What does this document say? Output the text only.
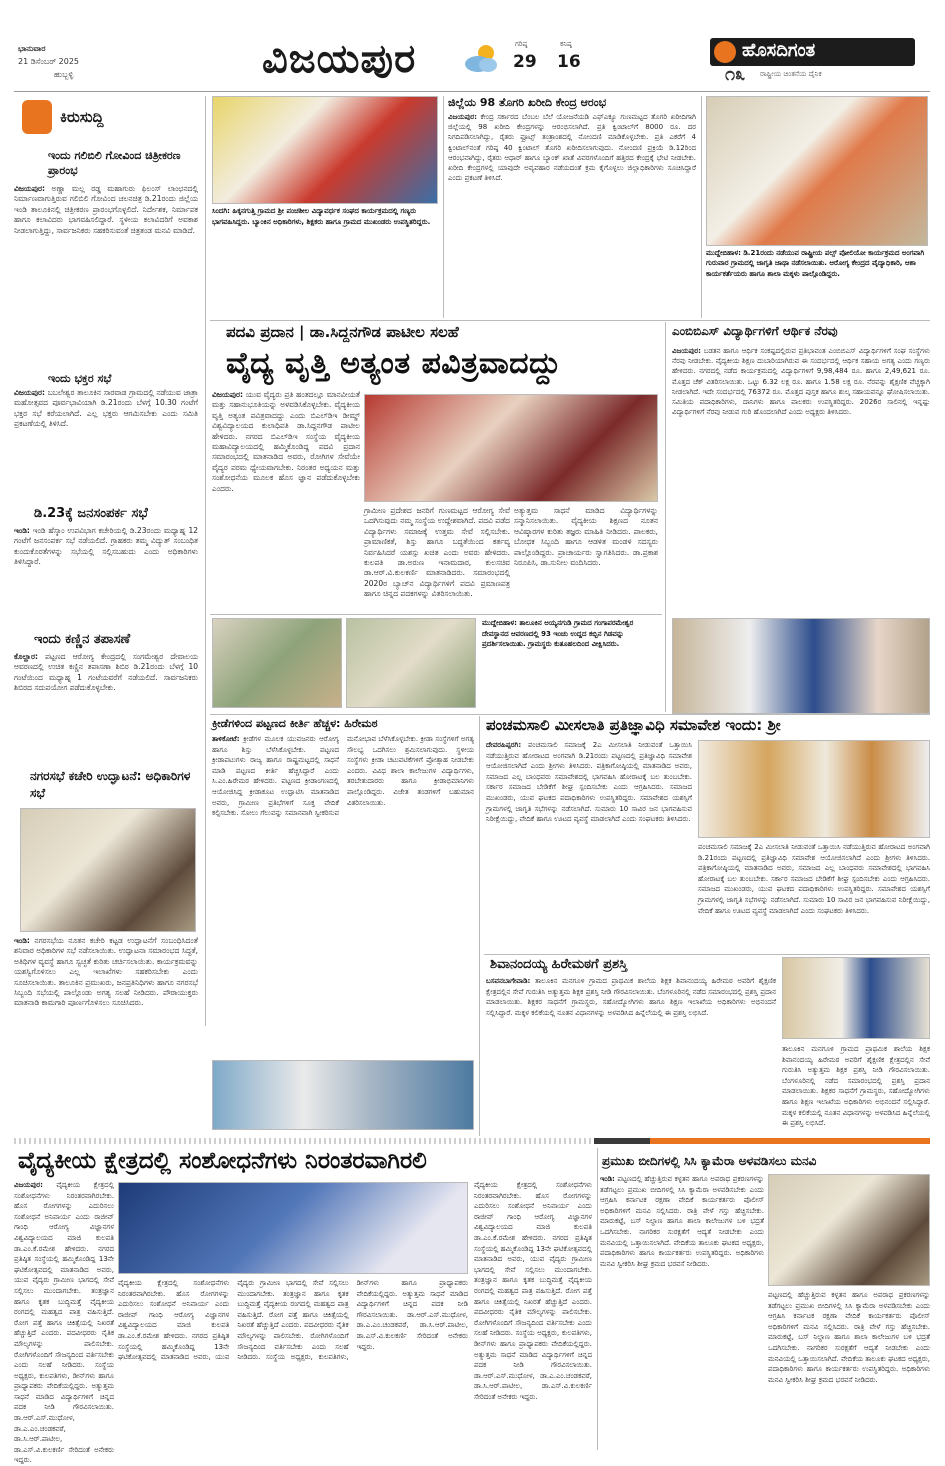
ಭಾನುವಾರ
21 ಡಿಸೆಂಬರ್ 2025
ಹುಬ್ಬಳ್ಳಿ	ವಿಜಯಪುರ	ಗರಿಷ್ಠ
29
ಕನಿಷ್ಠ
16
ಹೊಸದಿಗಂತ
ರಾಷ್ಟ್ರೀಯ ಚಿಂತನೆಯ ದೈನಿಕ
೧೩
ಕಿರುಸುದ್ದಿ
ಇಂದು ಗಲಿಬಿಲಿ ಗೋವಿಂದ ಚಿತ್ರೀಕರಣ ಪ್ರಾರಂಭ
ವಿಜಯಪುರ: ಅಣ್ಣಾ ಮಲ್ಲ ರಡ್ಡ ಮಹಾಗುರು ಫಿಲಂಸ್ ಲಾಂಛನದಲ್ಲಿ ನಿರ್ಮಾಣವಾಗುತ್ತಿರುವ ಗಲಿಬಿಲಿ ಗೋವಿಂದ ಚಲನಚಿತ್ರ ಡಿ.21ರಂದು ಜಿಲ್ಲೆಯ ಇಂಡಿ ತಾಲೂಕಿನಲ್ಲಿ ಚಿತ್ರೀಕರಣ ಪ್ರಾರಂಭಗೊಳ್ಳಲಿದೆ. ನಿರ್ದೇಶಕ, ನಿರ್ಮಾಪಕ ಹಾಗೂ ಕಲಾವಿದರು ಭಾಗವಹಿಸಲಿದ್ದಾರೆ. ಸ್ಥಳೀಯ ಕಲಾವಿದರಿಗೆ ಅವಕಾಶ ನೀಡಲಾಗುತ್ತಿದ್ದು, ಸಾರ್ವಜನಿಕರು ಸಹಕರಿಸುವಂತೆ ಚಿತ್ರತಂಡ ಮನವಿ ಮಾಡಿದೆ.
ಇಂದು ಭಕ್ತರ ಸಭೆ
ವಿಜಯಪುರ: ಬಬಲೇಶ್ವರ ತಾಲೂಕಿನ ಸಾರವಾಡ ಗ್ರಾಮದಲ್ಲಿ ನಡೆಯುವ ಜಾತ್ರಾ ಮಹೋತ್ಸವದ ಪೂರ್ವಭಾವಿಯಾಗಿ ಡಿ.21ರಂದು ಬೆಳಗ್ಗೆ 10.30 ಗಂಟೆಗೆ ಭಕ್ತರ ಸಭೆ ಕರೆಯಲಾಗಿದೆ. ಎಲ್ಲ ಭಕ್ತರು ಆಗಮಿಸಬೇಕು ಎಂದು ಸಮಿತಿ ಪ್ರಕಟಣೆಯಲ್ಲಿ ತಿಳಿಸಿದೆ.
ಡಿ.23ಕ್ಕೆ ಜನಸಂಪರ್ಕ ಸಭೆ
ಇಂಡಿ: ಇಂಡಿ ಹೆಸ್ಕಾಂ ಉಪವಿಭಾಗ ಕಚೇರಿಯಲ್ಲಿ ಡಿ.23ರಂದು ಮಧ್ಯಾಹ್ನ 12 ಗಂಟೆಗೆ ಜನಸಂಪರ್ಕ ಸಭೆ ನಡೆಯಲಿದೆ. ಗ್ರಾಹಕರು ತಮ್ಮ ವಿದ್ಯುತ್ ಸಂಬಂಧಿತ ಕುಂದುಕೊರತೆಗಳನ್ನು ಸಭೆಯಲ್ಲಿ ಸಲ್ಲಿಸಬಹುದು ಎಂದು ಅಧಿಕಾರಿಗಳು ತಿಳಿಸಿದ್ದಾರೆ.
ಇಂದು ಕಣ್ಣಿನ ತಪಾಸಣೆ
ಕೊಲ್ಹಾರ: ಪಟ್ಟಣದ ಆರೋಗ್ಯ ಕೇಂದ್ರದಲ್ಲಿ ಸಂಗಮೇಶ್ವರ ದೇವಾಲಯ ಆವರಣದಲ್ಲಿ ಉಚಿತ ಕಣ್ಣಿನ ತಪಾಸಣಾ ಶಿಬಿರ ಡಿ.21ರಂದು ಬೆಳಗ್ಗೆ 10 ಗಂಟೆಯಿಂದ ಮಧ್ಯಾಹ್ನ 1 ಗಂಟೆಯವರೆಗೆ ನಡೆಯಲಿದೆ. ಸಾರ್ವಜನಿಕರು ಶಿಬಿರದ ಸದುಪಯೋಗ ಪಡೆದುಕೊಳ್ಳಬೇಕು.
ನಗರಸಭೆ ಕಚೇರಿ ಉದ್ಘಾಟನೆ: ಅಧಿಕಾರಿಗಳ ಸಭೆ
ಇಂಡಿ: ನಗರಸಭೆಯ ನೂತನ ಕಚೇರಿ ಕಟ್ಟಡ ಉದ್ಘಾಟನೆಗೆ ಸಂಬಂಧಿಸಿದಂತೆ ಶನಿವಾರ ಅಧಿಕಾರಿಗಳ ಸಭೆ ನಡೆಸಲಾಯಿತು. ಉದ್ಘಾಟನಾ ಸಮಾರಂಭದ ಸಿದ್ಧತೆ, ಅತಿಥಿಗಳ ವ್ಯವಸ್ಥೆ ಹಾಗೂ ಸ್ವಚ್ಛತೆ ಕುರಿತು ಚರ್ಚಿಸಲಾಯಿತು. ಕಾರ್ಯಕ್ರಮವನ್ನು ಯಶಸ್ವಿಗೊಳಿಸಲು ಎಲ್ಲ ಇಲಾಖೆಗಳು ಸಹಕರಿಸಬೇಕು ಎಂದು ಸೂಚಿಸಲಾಯಿತು. ತಾಲೂಕಿನ ಪ್ರಮುಖರು, ಜನಪ್ರತಿನಿಧಿಗಳು ಹಾಗೂ ನಗರಸಭೆ ಸಿಬ್ಬಂದಿ ಸಭೆಯಲ್ಲಿ ಪಾಲ್ಗೊಂಡು ಅಗತ್ಯ ಸಲಹೆ ನೀಡಿದರು. ಪೌರಾಯುಕ್ತರು ಮಾತನಾಡಿ ಕಾಮಗಾರಿ ಪೂರ್ಣಗೊಳಿಸಲು ಸೂಚಿಸಿದರು.
ಸಿಂದಗಿ: ಹಿಕ್ಕನಗುತ್ತಿ ಗ್ರಾಮದ ಶ್ರೀ ಪಂಚಶೀಲ ವಿದ್ಯಾವರ್ಧಕ ಸಂಘದ ಕಾರ್ಯಕ್ರಮದಲ್ಲಿ ಗಣ್ಯರು ಭಾಗವಹಿಸಿದ್ದರು. ಬ್ಯಾಂಕಿನ ಅಧಿಕಾರಿಗಳು, ಶಿಕ್ಷಕರು ಹಾಗೂ ಗ್ರಾಮದ ಮುಖಂಡರು ಉಪಸ್ಥಿತರಿದ್ದರು.
ಜಿಲ್ಲೆಯ 98 ತೊಗರಿ ಖರೀದಿ ಕೇಂದ್ರ ಆರಂಭ
ವಿಜಯಪುರ: ಕೇಂದ್ರ ಸರ್ಕಾರದ ಬೆಂಬಲ ಬೆಲೆ ಯೋಜನೆಯಡಿ ಎಫ್‌ಎಕ್ಯೂ ಗುಣಮಟ್ಟದ ತೊಗರಿ ಖರೀದಿಗಾಗಿ ಜಿಲ್ಲೆಯಲ್ಲಿ 98 ಖರೀದಿ ಕೇಂದ್ರಗಳನ್ನು ಆರಂಭಿಸಲಾಗಿದೆ. ಪ್ರತಿ ಕ್ವಿಂಟಾಲ್‌ಗೆ 8000 ರೂ. ದರ ನಿಗದಿಪಡಿಸಲಾಗಿದ್ದು, ರೈತರು ಫ್ರೂಟ್ಸ್ ತಂತ್ರಾಂಶದಲ್ಲಿ ನೋಂದಣಿ ಮಾಡಿಕೊಳ್ಳಬೇಕು. ಪ್ರತಿ ಎಕರೆಗೆ 4 ಕ್ವಿಂಟಾಲ್‌ನಂತೆ ಗರಿಷ್ಠ 40 ಕ್ವಿಂಟಾಲ್ ತೊಗರಿ ಖರೀದಿಸಲಾಗುವುದು. ನೋಂದಣಿ ಪ್ರಕ್ರಿಯೆ ಡಿ.12ರಿಂದ ಆರಂಭವಾಗಿದ್ದು, ರೈತರು ಆಧಾರ್ ಹಾಗೂ ಬ್ಯಾಂಕ್ ಖಾತೆ ವಿವರಗಳೊಂದಿಗೆ ಹತ್ತಿರದ ಕೇಂದ್ರಕ್ಕೆ ಭೇಟಿ ನೀಡಬೇಕು. ಖರೀದಿ ಕೇಂದ್ರಗಳಲ್ಲಿ ಯಾವುದೇ ಅವ್ಯವಹಾರ ನಡೆಯದಂತೆ ಕ್ರಮ ಕೈಗೊಳ್ಳಲು ಜಿಲ್ಲಾಧಿಕಾರಿಗಳು ಸೂಚಿಸಿದ್ದಾರೆ ಎಂದು ಪ್ರಕಟಣೆ ತಿಳಿಸಿದೆ.
ಮುದ್ದೇಬಿಹಾಳ: ಡಿ.21ರಂದು ನಡೆಯುವ ರಾಷ್ಟ್ರೀಯ ಪಲ್ಸ್ ಪೋಲಿಯೋ ಕಾರ್ಯಕ್ರಮದ ಅಂಗವಾಗಿ ಗುರುವಾರ ಗ್ರಾಮದಲ್ಲಿ ಜಾಗೃತಿ ಜಾಥಾ ನಡೆಸಲಾಯಿತು. ಆರೋಗ್ಯ ಕೇಂದ್ರದ ವೈದ್ಯಾಧಿಕಾರಿ, ಆಶಾ ಕಾರ್ಯಕರ್ತೆಯರು ಹಾಗೂ ಶಾಲಾ ಮಕ್ಕಳು ಪಾಲ್ಗೊಂಡಿದ್ದರು.
ಪದವಿ ಪ್ರದಾನ | ಡಾ.ಸಿದ್ದನಗೌಡ ಪಾಟೀಲ ಸಲಹೆ
ವೈದ್ಯ ವೃತ್ತಿ ಅತ್ಯಂತ ಪವಿತ್ರವಾದದ್ದು
ವಿಜಯಪುರ: ಯುವ ವೈದ್ಯರು ಪ್ರತಿ ಹಂತದಲ್ಲೂ ಮಾನವೀಯತೆ ಮತ್ತು ಸಹಾನುಭೂತಿಯನ್ನು ಅಳವಡಿಸಿಕೊಳ್ಳಬೇಕು. ವೈದ್ಯಕೀಯ ವೃತ್ತಿ ಅತ್ಯಂತ ಪವಿತ್ರವಾದದ್ದು ಎಂದು ಬಿಎಲ್‌ಡಿಇ ಡೀಮ್ಡ್ ವಿಶ್ವವಿದ್ಯಾಲಯದ ಕುಲಾಧಿಪತಿ ಡಾ.ಸಿದ್ದನಗೌಡ ಪಾಟೀಲ ಹೇಳಿದರು. ನಗರದ ಬಿಎಲ್‌ಡಿಇ ಸಂಸ್ಥೆಯ ವೈದ್ಯಕೀಯ ಮಹಾವಿದ್ಯಾಲಯದಲ್ಲಿ ಹಮ್ಮಿಕೊಂಡಿದ್ದ ಪದವಿ ಪ್ರದಾನ ಸಮಾರಂಭದಲ್ಲಿ ಮಾತನಾಡಿದ ಅವರು, ರೋಗಿಗಳ ಸೇವೆಯೇ ವೈದ್ಯರ ಪರಮ ಧ್ಯೇಯವಾಗಬೇಕು. ನಿರಂತರ ಅಧ್ಯಯನ ಮತ್ತು ಸಂಶೋಧನೆಯ ಮೂಲಕ ಹೊಸ ಜ್ಞಾನ ಪಡೆದುಕೊಳ್ಳಬೇಕು ಎಂದರು.
ಗ್ರಾಮೀಣ ಪ್ರದೇಶದ ಜನರಿಗೆ ಗುಣಮಟ್ಟದ ಆರೋಗ್ಯ ಸೇವೆ ಒದಗಿಸುವುದು ನಮ್ಮ ಸಂಸ್ಥೆಯ ಉದ್ದೇಶವಾಗಿದೆ. ಪದವಿ ಪಡೆದ ವಿದ್ಯಾರ್ಥಿಗಳು ಸಮಾಜಕ್ಕೆ ಉತ್ತಮ ಸೇವೆ ಸಲ್ಲಿಸಬೇಕು. ಪ್ರಾಮಾಣಿಕತೆ, ಶಿಸ್ತು ಹಾಗೂ ಬದ್ಧತೆಯಿಂದ ಕರ್ತವ್ಯ ನಿರ್ವಹಿಸಿದರೆ ಯಶಸ್ಸು ಖಚಿತ ಎಂದು ಅವರು ಹೇಳಿದರು. ಕುಲಪತಿ ಡಾ.ಅರುಣ ಇನಾಮದಾರ, ಕುಲಸಚಿವ ಡಾ.ಆರ್.ವಿ.ಕುಲಕರ್ಣಿ ಮಾತನಾಡಿದರು. ಸಮಾರಂಭದಲ್ಲಿ 2020ರ ಬ್ಯಾಚ್‌ನ ವಿದ್ಯಾರ್ಥಿಗಳಿಗೆ ಪದವಿ ಪ್ರಮಾಣಪತ್ರ ಹಾಗೂ ಚಿನ್ನದ ಪದಕಗಳನ್ನು ವಿತರಿಸಲಾಯಿತು.
ಅತ್ಯುತ್ತಮ ಸಾಧನೆ ಮಾಡಿದ ವಿದ್ಯಾರ್ಥಿಗಳನ್ನು ಸನ್ಮಾನಿಸಲಾಯಿತು. ವೈದ್ಯಕೀಯ ಶಿಕ್ಷಣದ ನೂತನ ಆವಿಷ್ಕಾರಗಳ ಕುರಿತು ತಜ್ಞರು ಮಾಹಿತಿ ನೀಡಿದರು. ಪಾಲಕರು, ಬೋಧಕ ಸಿಬ್ಬಂದಿ ಹಾಗೂ ಆಡಳಿತ ಮಂಡಳಿ ಸದಸ್ಯರು ಪಾಲ್ಗೊಂಡಿದ್ದರು. ಪ್ರಾಚಾರ್ಯರು ಸ್ವಾಗತಿಸಿದರು. ಡಾ.ಪ್ರಕಾಶ ನಿರೂಪಿಸಿ, ಡಾ.ಸುನೀಲ ವಂದಿಸಿದರು.
ಎಂಬಿಬಿಎಸ್ ವಿದ್ಯಾರ್ಥಿಗಳಿಗೆ ಆರ್ಥಿಕ ನೆರವು
ವಿಜಯಪುರ: ಬಡತನ ಹಾಗೂ ಆರ್ಥಿಕ ಸಂಕಷ್ಟದಲ್ಲಿರುವ ಪ್ರತಿಭಾವಂತ ಎಂಬಿಬಿಎಸ್ ವಿದ್ಯಾರ್ಥಿಗಳಿಗೆ ಸಂಘ ಸಂಸ್ಥೆಗಳು ನೆರವು ನೀಡಬೇಕು. ವೈದ್ಯಕೀಯ ಶಿಕ್ಷಣ ದುಬಾರಿಯಾಗಿರುವ ಈ ಸಂದರ್ಭದಲ್ಲಿ ಆರ್ಥಿಕ ಸಹಾಯ ಅಗತ್ಯ ಎಂದು ಗಣ್ಯರು ಹೇಳಿದರು. ನಗರದಲ್ಲಿ ನಡೆದ ಕಾರ್ಯಕ್ರಮದಲ್ಲಿ ವಿದ್ಯಾರ್ಥಿಗಳಿಗೆ 9,98,484 ರೂ. ಹಾಗೂ 2,49,621 ರೂ. ಮೊತ್ತದ ಚೆಕ್ ವಿತರಿಸಲಾಯಿತು. ಒಟ್ಟು 6.32 ಲಕ್ಷ ರೂ. ಹಾಗೂ 1.58 ಲಕ್ಷ ರೂ. ನೆರವನ್ನು ಶೈಕ್ಷಣಿಕ ವೆಚ್ಚಕ್ಕಾಗಿ ನೀಡಲಾಗಿದೆ. ಇದೇ ಸಂದರ್ಭದಲ್ಲಿ 76372 ರೂ. ಮೊತ್ತದ ಪುಸ್ತಕ ಹಾಗೂ ಶುಲ್ಕ ಸಹಾಯವನ್ನೂ ಘೋಷಿಸಲಾಯಿತು. ಸಮಿತಿಯ ಪದಾಧಿಕಾರಿಗಳು, ದಾನಿಗಳು ಹಾಗೂ ಪಾಲಕರು ಉಪಸ್ಥಿತರಿದ್ದರು. 2026ರ ಸಾಲಿನಲ್ಲಿ ಇನ್ನಷ್ಟು ವಿದ್ಯಾರ್ಥಿಗಳಿಗೆ ನೆರವು ನೀಡುವ ಗುರಿ ಹೊಂದಲಾಗಿದೆ ಎಂದು ಅಧ್ಯಕ್ಷರು ತಿಳಿಸಿದರು.
ಮುದ್ದೇಬಿಹಾಳ: ತಾಲೂಕಿನ ಅಯ್ಯನಗುಡಿ ಗ್ರಾಮದ ಗಂಗಾಪರಮೇಶ್ವರ ದೇವಸ್ಥಾನದ ಆವರಣದಲ್ಲಿ 93 ಇಂಚು ಉದ್ದದ ಕಬ್ಬಿನ ಗಿಡವನ್ನು ಪ್ರದರ್ಶಿಸಲಾಯಿತು. ಗ್ರಾಮಸ್ಥರು ಕುತೂಹಲದಿಂದ ವೀಕ್ಷಿಸಿದರು.
ಕ್ರೀಡೆಗಳಿಂದ ಪಟ್ಟಣದ ಕೀರ್ತಿ ಹೆಚ್ಚಳ: ಹಿರೇಮಠ
ತಾಳಿಕೋಟೆ: ಕ್ರೀಡೆಗಳ ಮೂಲಕ ಯುವಜನರು ಆರೋಗ್ಯ ಹಾಗೂ ಶಿಸ್ತು ಬೆಳೆಸಿಕೊಳ್ಳಬೇಕು. ಪಟ್ಟಣದ ಕ್ರೀಡಾಪಟುಗಳು ರಾಜ್ಯ ಹಾಗೂ ರಾಷ್ಟ್ರಮಟ್ಟದಲ್ಲಿ ಸಾಧನೆ ಮಾಡಿ ಪಟ್ಟಣದ ಕೀರ್ತಿ ಹೆಚ್ಚಿಸಿದ್ದಾರೆ ಎಂದು ಸಿ.ಎಂ.ಹಿರೇಮಠ ಹೇಳಿದರು. ಪಟ್ಟಣದ ಕ್ರೀಡಾಂಗಣದಲ್ಲಿ ಆಯೋಜಿಸಿದ್ದ ಕ್ರೀಡಾಕೂಟ ಉದ್ಘಾಟಿಸಿ ಮಾತನಾಡಿದ ಅವರು, ಗ್ರಾಮೀಣ ಪ್ರತಿಭೆಗಳಿಗೆ ಸೂಕ್ತ ವೇದಿಕೆ ಕಲ್ಪಿಸಬೇಕು. ಸೋಲು ಗೆಲುವನ್ನು ಸಮಾನವಾಗಿ ಸ್ವೀಕರಿಸುವ ಮನೋಭಾವ ಬೆಳೆಸಿಕೊಳ್ಳಬೇಕು. ಕ್ರೀಡಾ ಸಂಸ್ಥೆಗಳಿಗೆ ಅಗತ್ಯ ಸೌಲಭ್ಯ ಒದಗಿಸಲು ಶ್ರಮಿಸಲಾಗುವುದು. ಸ್ಥಳೀಯ ಸಂಸ್ಥೆಗಳು ಕ್ರೀಡಾ ಚಟುವಟಿಕೆಗಳಿಗೆ ಪ್ರೋತ್ಸಾಹ ನೀಡಬೇಕು ಎಂದರು. ವಿವಿಧ ಶಾಲಾ ಕಾಲೇಜುಗಳ ವಿದ್ಯಾರ್ಥಿಗಳು, ತರಬೇತುದಾರರು ಹಾಗೂ ಕ್ರೀಡಾಭಿಮಾನಿಗಳು ಪಾಲ್ಗೊಂಡಿದ್ದರು. ವಿಜೇತ ತಂಡಗಳಿಗೆ ಬಹುಮಾನ ವಿತರಿಸಲಾಯಿತು.
ಪಂಚಮಸಾಲಿ ಮೀಸಲಾತಿ ಪ್ರತಿಜ್ಞಾವಿಧಿ ಸಮಾವೇಶ ಇಂದು: ಶ್ರೀ
ದೇವರಹಿಪ್ಪರಗಿ: ಪಂಚಮಸಾಲಿ ಸಮಾಜಕ್ಕೆ 2ಎ ಮೀಸಲಾತಿ ನೀಡುವಂತೆ ಒತ್ತಾಯಿಸಿ ನಡೆಯುತ್ತಿರುವ ಹೋರಾಟದ ಅಂಗವಾಗಿ ಡಿ.21ರಂದು ಪಟ್ಟಣದಲ್ಲಿ ಪ್ರತಿಜ್ಞಾವಿಧಿ ಸಮಾವೇಶ ಆಯೋಜಿಸಲಾಗಿದೆ ಎಂದು ಶ್ರೀಗಳು ತಿಳಿಸಿದರು. ಪತ್ರಿಕಾಗೋಷ್ಠಿಯಲ್ಲಿ ಮಾತನಾಡಿದ ಅವರು, ಸಮಾಜದ ಎಲ್ಲ ಬಾಂಧವರು ಸಮಾವೇಶದಲ್ಲಿ ಭಾಗವಹಿಸಿ ಹೋರಾಟಕ್ಕೆ ಬಲ ತುಂಬಬೇಕು. ಸರ್ಕಾರ ಸಮಾಜದ ಬೇಡಿಕೆಗೆ ಶೀಘ್ರ ಸ್ಪಂದಿಸಬೇಕು ಎಂದು ಆಗ್ರಹಿಸಿದರು. ಸಮಾಜದ ಮುಖಂಡರು, ಯುವ ಘಟಕದ ಪದಾಧಿಕಾರಿಗಳು ಉಪಸ್ಥಿತರಿದ್ದರು. ಸಮಾವೇಶದ ಯಶಸ್ಸಿಗೆ ಗ್ರಾಮಗಳಲ್ಲಿ ಜಾಗೃತಿ ಸಭೆಗಳನ್ನು ನಡೆಸಲಾಗಿದೆ. ಸುಮಾರು 10 ಸಾವಿರ ಜನ ಭಾಗವಹಿಸುವ ನಿರೀಕ್ಷೆಯಿದ್ದು, ವೇದಿಕೆ ಹಾಗೂ ಊಟದ ವ್ಯವಸ್ಥೆ ಮಾಡಲಾಗಿದೆ ಎಂದು ಸಂಘಟಕರು ತಿಳಿಸಿದರು.
ಪಂಚಮಸಾಲಿ ಸಮಾಜಕ್ಕೆ 2ಎ ಮೀಸಲಾತಿ ನೀಡುವಂತೆ ಒತ್ತಾಯಿಸಿ ನಡೆಯುತ್ತಿರುವ ಹೋರಾಟದ ಅಂಗವಾಗಿ ಡಿ.21ರಂದು ಪಟ್ಟಣದಲ್ಲಿ ಪ್ರತಿಜ್ಞಾವಿಧಿ ಸಮಾವೇಶ ಆಯೋಜಿಸಲಾಗಿದೆ ಎಂದು ಶ್ರೀಗಳು ತಿಳಿಸಿದರು. ಪತ್ರಿಕಾಗೋಷ್ಠಿಯಲ್ಲಿ ಮಾತನಾಡಿದ ಅವರು, ಸಮಾಜದ ಎಲ್ಲ ಬಾಂಧವರು ಸಮಾವೇಶದಲ್ಲಿ ಭಾಗವಹಿಸಿ ಹೋರಾಟಕ್ಕೆ ಬಲ ತುಂಬಬೇಕು. ಸರ್ಕಾರ ಸಮಾಜದ ಬೇಡಿಕೆಗೆ ಶೀಘ್ರ ಸ್ಪಂದಿಸಬೇಕು ಎಂದು ಆಗ್ರಹಿಸಿದರು. ಸಮಾಜದ ಮುಖಂಡರು, ಯುವ ಘಟಕದ ಪದಾಧಿಕಾರಿಗಳು ಉಪಸ್ಥಿತರಿದ್ದರು. ಸಮಾವೇಶದ ಯಶಸ್ಸಿಗೆ ಗ್ರಾಮಗಳಲ್ಲಿ ಜಾಗೃತಿ ಸಭೆಗಳನ್ನು ನಡೆಸಲಾಗಿದೆ. ಸುಮಾರು 10 ಸಾವಿರ ಜನ ಭಾಗವಹಿಸುವ ನಿರೀಕ್ಷೆಯಿದ್ದು, ವೇದಿಕೆ ಹಾಗೂ ಊಟದ ವ್ಯವಸ್ಥೆ ಮಾಡಲಾಗಿದೆ ಎಂದು ಸಂಘಟಕರು ತಿಳಿಸಿದರು.
ಶಿವಾನಂದಯ್ಯ ಹಿರೇಮಠಗೆ ಪ್ರಶಸ್ತಿ
ಬಸವನಬಾಗೇವಾಡಿ: ತಾಲೂಕಿನ ಮನಗೂಳಿ ಗ್ರಾಮದ ಪ್ರಾಥಮಿಕ ಶಾಲೆಯ ಶಿಕ್ಷಕ ಶಿವಾನಂದಯ್ಯ ಹಿರೇಮಠ ಅವರಿಗೆ ಶೈಕ್ಷಣಿಕ ಕ್ಷೇತ್ರದಲ್ಲಿನ ಸೇವೆ ಗುರುತಿಸಿ ಅತ್ಯುತ್ತಮ ಶಿಕ್ಷಕ ಪ್ರಶಸ್ತಿ ನೀಡಿ ಗೌರವಿಸಲಾಯಿತು. ಬೆಂಗಳೂರಿನಲ್ಲಿ ನಡೆದ ಸಮಾರಂಭದಲ್ಲಿ ಪ್ರಶಸ್ತಿ ಪ್ರದಾನ ಮಾಡಲಾಯಿತು. ಶಿಕ್ಷಕರ ಸಾಧನೆಗೆ ಗ್ರಾಮಸ್ಥರು, ಸಹೋದ್ಯೋಗಿಗಳು ಹಾಗೂ ಶಿಕ್ಷಣ ಇಲಾಖೆಯ ಅಧಿಕಾರಿಗಳು ಅಭಿನಂದನೆ ಸಲ್ಲಿಸಿದ್ದಾರೆ. ಮಕ್ಕಳ ಕಲಿಕೆಯಲ್ಲಿ ನೂತನ ವಿಧಾನಗಳನ್ನು ಅಳವಡಿಸಿದ ಹಿನ್ನೆಲೆಯಲ್ಲಿ ಈ ಪ್ರಶಸ್ತಿ ಲಭಿಸಿದೆ.
ತಾಲೂಕಿನ ಮನಗೂಳಿ ಗ್ರಾಮದ ಪ್ರಾಥಮಿಕ ಶಾಲೆಯ ಶಿಕ್ಷಕ ಶಿವಾನಂದಯ್ಯ ಹಿರೇಮಠ ಅವರಿಗೆ ಶೈಕ್ಷಣಿಕ ಕ್ಷೇತ್ರದಲ್ಲಿನ ಸೇವೆ ಗುರುತಿಸಿ ಅತ್ಯುತ್ತಮ ಶಿಕ್ಷಕ ಪ್ರಶಸ್ತಿ ನೀಡಿ ಗೌರವಿಸಲಾಯಿತು. ಬೆಂಗಳೂರಿನಲ್ಲಿ ನಡೆದ ಸಮಾರಂಭದಲ್ಲಿ ಪ್ರಶಸ್ತಿ ಪ್ರದಾನ ಮಾಡಲಾಯಿತು. ಶಿಕ್ಷಕರ ಸಾಧನೆಗೆ ಗ್ರಾಮಸ್ಥರು, ಸಹೋದ್ಯೋಗಿಗಳು ಹಾಗೂ ಶಿಕ್ಷಣ ಇಲಾಖೆಯ ಅಧಿಕಾರಿಗಳು ಅಭಿನಂದನೆ ಸಲ್ಲಿಸಿದ್ದಾರೆ. ಮಕ್ಕಳ ಕಲಿಕೆಯಲ್ಲಿ ನೂತನ ವಿಧಾನಗಳನ್ನು ಅಳವಡಿಸಿದ ಹಿನ್ನೆಲೆಯಲ್ಲಿ ಈ ಪ್ರಶಸ್ತಿ ಲಭಿಸಿದೆ.
ವೈದ್ಯಕೀಯ ಕ್ಷೇತ್ರದಲ್ಲಿ ಸಂಶೋಧನೆಗಳು ನಿರಂತರವಾಗಿರಲಿ
ವಿಜಯಪುರ: ವೈದ್ಯಕೀಯ ಕ್ಷೇತ್ರದಲ್ಲಿ ಸಂಶೋಧನೆಗಳು ನಿರಂತರವಾಗಿರಬೇಕು. ಹೊಸ ರೋಗಗಳನ್ನು ಎದುರಿಸಲು ಸಂಶೋಧನೆ ಅನಿವಾರ್ಯ ಎಂದು ರಾಜೀವ್ ಗಾಂಧಿ ಆರೋಗ್ಯ ವಿಜ್ಞಾನಗಳ ವಿಶ್ವವಿದ್ಯಾಲಯದ ಮಾಜಿ ಕುಲಪತಿ ಡಾ.ಎಂ.ಕೆ.ರಮೇಶ ಹೇಳಿದರು. ನಗರದ ಪ್ರತಿಷ್ಠಿತ ಸಂಸ್ಥೆಯಲ್ಲಿ ಹಮ್ಮಿಕೊಂಡಿದ್ದ 13ನೇ ಘಟಿಕೋತ್ಸವದಲ್ಲಿ ಮಾತನಾಡಿದ ಅವರು, ಯುವ ವೈದ್ಯರು ಗ್ರಾಮೀಣ ಭಾಗದಲ್ಲಿ ಸೇವೆ ಸಲ್ಲಿಸಲು ಮುಂದಾಗಬೇಕು. ತಂತ್ರಜ್ಞಾನ ಹಾಗೂ ಕೃತಕ ಬುದ್ಧಿಮತ್ತೆ ವೈದ್ಯಕೀಯ ರಂಗದಲ್ಲಿ ಮಹತ್ವದ ಪಾತ್ರ ವಹಿಸುತ್ತಿದೆ. ರೋಗ ಪತ್ತೆ ಹಾಗೂ ಚಿಕಿತ್ಸೆಯಲ್ಲಿ ನಿಖರತೆ ಹೆಚ್ಚುತ್ತಿದೆ ಎಂದರು. ಪದವೀಧರರು ನೈತಿಕ ಮೌಲ್ಯಗಳನ್ನು ಪಾಲಿಸಬೇಕು. ರೋಗಿಗಳೊಂದಿಗೆ ಸೌಜನ್ಯದಿಂದ ವರ್ತಿಸಬೇಕು ಎಂದು ಸಲಹೆ ನೀಡಿದರು. ಸಂಸ್ಥೆಯ ಅಧ್ಯಕ್ಷರು, ಕುಲಪತಿಗಳು, ಡೀನ್‌ಗಳು ಹಾಗೂ ಪ್ರಾಧ್ಯಾಪಕರು ವೇದಿಕೆಯಲ್ಲಿದ್ದರು. ಅತ್ಯುತ್ತಮ ಸಾಧನೆ ಮಾಡಿದ ವಿದ್ಯಾರ್ಥಿಗಳಿಗೆ ಚಿನ್ನದ ಪದಕ ನೀಡಿ ಗೌರವಿಸಲಾಯಿತು. ಡಾ.ಆರ್.ಎಸ್.ಮುಧೋಳ, ಡಾ.ಎ.ಎಂ.ಚಂಡಕವಠೆ, ಡಾ.ಸಿ.ಆರ್.ಪಾಟೀಲ, ಡಾ.ಎಸ್.ವಿ.ಕುಲಕರ್ಣಿ ಸೇರಿದಂತೆ ಅನೇಕರು ಇದ್ದರು.
ವೈದ್ಯಕೀಯ ಕ್ಷೇತ್ರದಲ್ಲಿ ಸಂಶೋಧನೆಗಳು ನಿರಂತರವಾಗಿರಬೇಕು. ಹೊಸ ರೋಗಗಳನ್ನು ಎದುರಿಸಲು ಸಂಶೋಧನೆ ಅನಿವಾರ್ಯ ಎಂದು ರಾಜೀವ್ ಗಾಂಧಿ ಆರೋಗ್ಯ ವಿಜ್ಞಾನಗಳ ವಿಶ್ವವಿದ್ಯಾಲಯದ ಮಾಜಿ ಕುಲಪತಿ ಡಾ.ಎಂ.ಕೆ.ರಮೇಶ ಹೇಳಿದರು. ನಗರದ ಪ್ರತಿಷ್ಠಿತ ಸಂಸ್ಥೆಯಲ್ಲಿ ಹಮ್ಮಿಕೊಂಡಿದ್ದ 13ನೇ ಘಟಿಕೋತ್ಸವದಲ್ಲಿ ಮಾತನಾಡಿದ ಅವರು, ಯುವ ವೈದ್ಯರು ಗ್ರಾಮೀಣ ಭಾಗದಲ್ಲಿ ಸೇವೆ ಸಲ್ಲಿಸಲು ಮುಂದಾಗಬೇಕು. ತಂತ್ರಜ್ಞಾನ ಹಾಗೂ ಕೃತಕ ಬುದ್ಧಿಮತ್ತೆ ವೈದ್ಯಕೀಯ ರಂಗದಲ್ಲಿ ಮಹತ್ವದ ಪಾತ್ರ ವಹಿಸುತ್ತಿದೆ. ರೋಗ ಪತ್ತೆ ಹಾಗೂ ಚಿಕಿತ್ಸೆಯಲ್ಲಿ ನಿಖರತೆ ಹೆಚ್ಚುತ್ತಿದೆ ಎಂದರು. ಪದವೀಧರರು ನೈತಿಕ ಮೌಲ್ಯಗಳನ್ನು ಪಾಲಿಸಬೇಕು. ರೋಗಿಗಳೊಂದಿಗೆ ಸೌಜನ್ಯದಿಂದ ವರ್ತಿಸಬೇಕು ಎಂದು ಸಲಹೆ ನೀಡಿದರು. ಸಂಸ್ಥೆಯ ಅಧ್ಯಕ್ಷರು, ಕುಲಪತಿಗಳು, ಡೀನ್‌ಗಳು ಹಾಗೂ ಪ್ರಾಧ್ಯಾಪಕರು ವೇದಿಕೆಯಲ್ಲಿದ್ದರು. ಅತ್ಯುತ್ತಮ ಸಾಧನೆ ಮಾಡಿದ ವಿದ್ಯಾರ್ಥಿಗಳಿಗೆ ಚಿನ್ನದ ಪದಕ ನೀಡಿ ಗೌರವಿಸಲಾಯಿತು. ಡಾ.ಆರ್.ಎಸ್.ಮುಧೋಳ, ಡಾ.ಎ.ಎಂ.ಚಂಡಕವಠೆ, ಡಾ.ಸಿ.ಆರ್.ಪಾಟೀಲ, ಡಾ.ಎಸ್.ವಿ.ಕುಲಕರ್ಣಿ ಸೇರಿದಂತೆ ಅನೇಕರು ಇದ್ದರು.
ವೈದ್ಯಕೀಯ ಕ್ಷೇತ್ರದಲ್ಲಿ ಸಂಶೋಧನೆಗಳು ನಿರಂತರವಾಗಿರಬೇಕು. ಹೊಸ ರೋಗಗಳನ್ನು ಎದುರಿಸಲು ಸಂಶೋಧನೆ ಅನಿವಾರ್ಯ ಎಂದು ರಾಜೀವ್ ಗಾಂಧಿ ಆರೋಗ್ಯ ವಿಜ್ಞಾನಗಳ ವಿಶ್ವವಿದ್ಯಾಲಯದ ಮಾಜಿ ಕುಲಪತಿ ಡಾ.ಎಂ.ಕೆ.ರಮೇಶ ಹೇಳಿದರು. ನಗರದ ಪ್ರತಿಷ್ಠಿತ ಸಂಸ್ಥೆಯಲ್ಲಿ ಹಮ್ಮಿಕೊಂಡಿದ್ದ 13ನೇ ಘಟಿಕೋತ್ಸವದಲ್ಲಿ ಮಾತನಾಡಿದ ಅವರು, ಯುವ ವೈದ್ಯರು ಗ್ರಾಮೀಣ ಭಾಗದಲ್ಲಿ ಸೇವೆ ಸಲ್ಲಿಸಲು ಮುಂದಾಗಬೇಕು. ತಂತ್ರಜ್ಞಾನ ಹಾಗೂ ಕೃತಕ ಬುದ್ಧಿಮತ್ತೆ ವೈದ್ಯಕೀಯ ರಂಗದಲ್ಲಿ ಮಹತ್ವದ ಪಾತ್ರ ವಹಿಸುತ್ತಿದೆ. ರೋಗ ಪತ್ತೆ ಹಾಗೂ ಚಿಕಿತ್ಸೆಯಲ್ಲಿ ನಿಖರತೆ ಹೆಚ್ಚುತ್ತಿದೆ ಎಂದರು. ಪದವೀಧರರು ನೈತಿಕ ಮೌಲ್ಯಗಳನ್ನು ಪಾಲಿಸಬೇಕು. ರೋಗಿಗಳೊಂದಿಗೆ ಸೌಜನ್ಯದಿಂದ ವರ್ತಿಸಬೇಕು ಎಂದು ಸಲಹೆ ನೀಡಿದರು. ಸಂಸ್ಥೆಯ ಅಧ್ಯಕ್ಷರು, ಕುಲಪತಿಗಳು, ಡೀನ್‌ಗಳು ಹಾಗೂ ಪ್ರಾಧ್ಯಾಪಕರು ವೇದಿಕೆಯಲ್ಲಿದ್ದರು. ಅತ್ಯುತ್ತಮ ಸಾಧನೆ ಮಾಡಿದ ವಿದ್ಯಾರ್ಥಿಗಳಿಗೆ ಚಿನ್ನದ ಪದಕ ನೀಡಿ ಗೌರವಿಸಲಾಯಿತು. ಡಾ.ಆರ್.ಎಸ್.ಮುಧೋಳ, ಡಾ.ಎ.ಎಂ.ಚಂಡಕವಠೆ, ಡಾ.ಸಿ.ಆರ್.ಪಾಟೀಲ, ಡಾ.ಎಸ್.ವಿ.ಕುಲಕರ್ಣಿ ಸೇರಿದಂತೆ ಅನೇಕರು ಇದ್ದರು.
ಪ್ರಮುಖ ಬೀದಿಗಳಲ್ಲಿ ಸಿಸಿ ಕ್ಯಾಮೆರಾ ಅಳವಡಿಸಲು ಮನವಿ
ಇಂಡಿ: ಪಟ್ಟಣದಲ್ಲಿ ಹೆಚ್ಚುತ್ತಿರುವ ಕಳ್ಳತನ ಹಾಗೂ ಅಪರಾಧ ಪ್ರಕರಣಗಳನ್ನು ತಡೆಗಟ್ಟಲು ಪ್ರಮುಖ ಬೀದಿಗಳಲ್ಲಿ ಸಿಸಿ ಕ್ಯಾಮೆರಾ ಅಳವಡಿಸಬೇಕು ಎಂದು ಆಗ್ರಹಿಸಿ ಕರ್ನಾಟಕ ರಕ್ಷಣಾ ವೇದಿಕೆ ಕಾರ್ಯಕರ್ತರು ಪೊಲೀಸ್ ಅಧಿಕಾರಿಗಳಿಗೆ ಮನವಿ ಸಲ್ಲಿಸಿದರು. ರಾತ್ರಿ ವೇಳೆ ಗಸ್ತು ಹೆಚ್ಚಿಸಬೇಕು. ಮಾರುಕಟ್ಟೆ, ಬಸ್ ನಿಲ್ದಾಣ ಹಾಗೂ ಶಾಲಾ ಕಾಲೇಜುಗಳ ಬಳಿ ಭದ್ರತೆ ಒದಗಿಸಬೇಕು. ನಾಗರಿಕರ ಸುರಕ್ಷತೆಗೆ ಆದ್ಯತೆ ನೀಡಬೇಕು ಎಂದು ಮನವಿಯಲ್ಲಿ ಒತ್ತಾಯಿಸಲಾಗಿದೆ. ವೇದಿಕೆಯ ತಾಲೂಕು ಘಟಕದ ಅಧ್ಯಕ್ಷರು, ಪದಾಧಿಕಾರಿಗಳು ಹಾಗೂ ಕಾರ್ಯಕರ್ತರು ಉಪಸ್ಥಿತರಿದ್ದರು. ಅಧಿಕಾರಿಗಳು ಮನವಿ ಸ್ವೀಕರಿಸಿ ಶೀಘ್ರ ಕ್ರಮದ ಭರವಸೆ ನೀಡಿದರು.
ಪಟ್ಟಣದಲ್ಲಿ ಹೆಚ್ಚುತ್ತಿರುವ ಕಳ್ಳತನ ಹಾಗೂ ಅಪರಾಧ ಪ್ರಕರಣಗಳನ್ನು ತಡೆಗಟ್ಟಲು ಪ್ರಮುಖ ಬೀದಿಗಳಲ್ಲಿ ಸಿಸಿ ಕ್ಯಾಮೆರಾ ಅಳವಡಿಸಬೇಕು ಎಂದು ಆಗ್ರಹಿಸಿ ಕರ್ನಾಟಕ ರಕ್ಷಣಾ ವೇದಿಕೆ ಕಾರ್ಯಕರ್ತರು ಪೊಲೀಸ್ ಅಧಿಕಾರಿಗಳಿಗೆ ಮನವಿ ಸಲ್ಲಿಸಿದರು. ರಾತ್ರಿ ವೇಳೆ ಗಸ್ತು ಹೆಚ್ಚಿಸಬೇಕು. ಮಾರುಕಟ್ಟೆ, ಬಸ್ ನಿಲ್ದಾಣ ಹಾಗೂ ಶಾಲಾ ಕಾಲೇಜುಗಳ ಬಳಿ ಭದ್ರತೆ ಒದಗಿಸಬೇಕು. ನಾಗರಿಕರ ಸುರಕ್ಷತೆಗೆ ಆದ್ಯತೆ ನೀಡಬೇಕು ಎಂದು ಮನವಿಯಲ್ಲಿ ಒತ್ತಾಯಿಸಲಾಗಿದೆ. ವೇದಿಕೆಯ ತಾಲೂಕು ಘಟಕದ ಅಧ್ಯಕ್ಷರು, ಪದಾಧಿಕಾರಿಗಳು ಹಾಗೂ ಕಾರ್ಯಕರ್ತರು ಉಪಸ್ಥಿತರಿದ್ದರು. ಅಧಿಕಾರಿಗಳು ಮನವಿ ಸ್ವೀಕರಿಸಿ ಶೀಘ್ರ ಕ್ರಮದ ಭರವಸೆ ನೀಡಿದರು.
